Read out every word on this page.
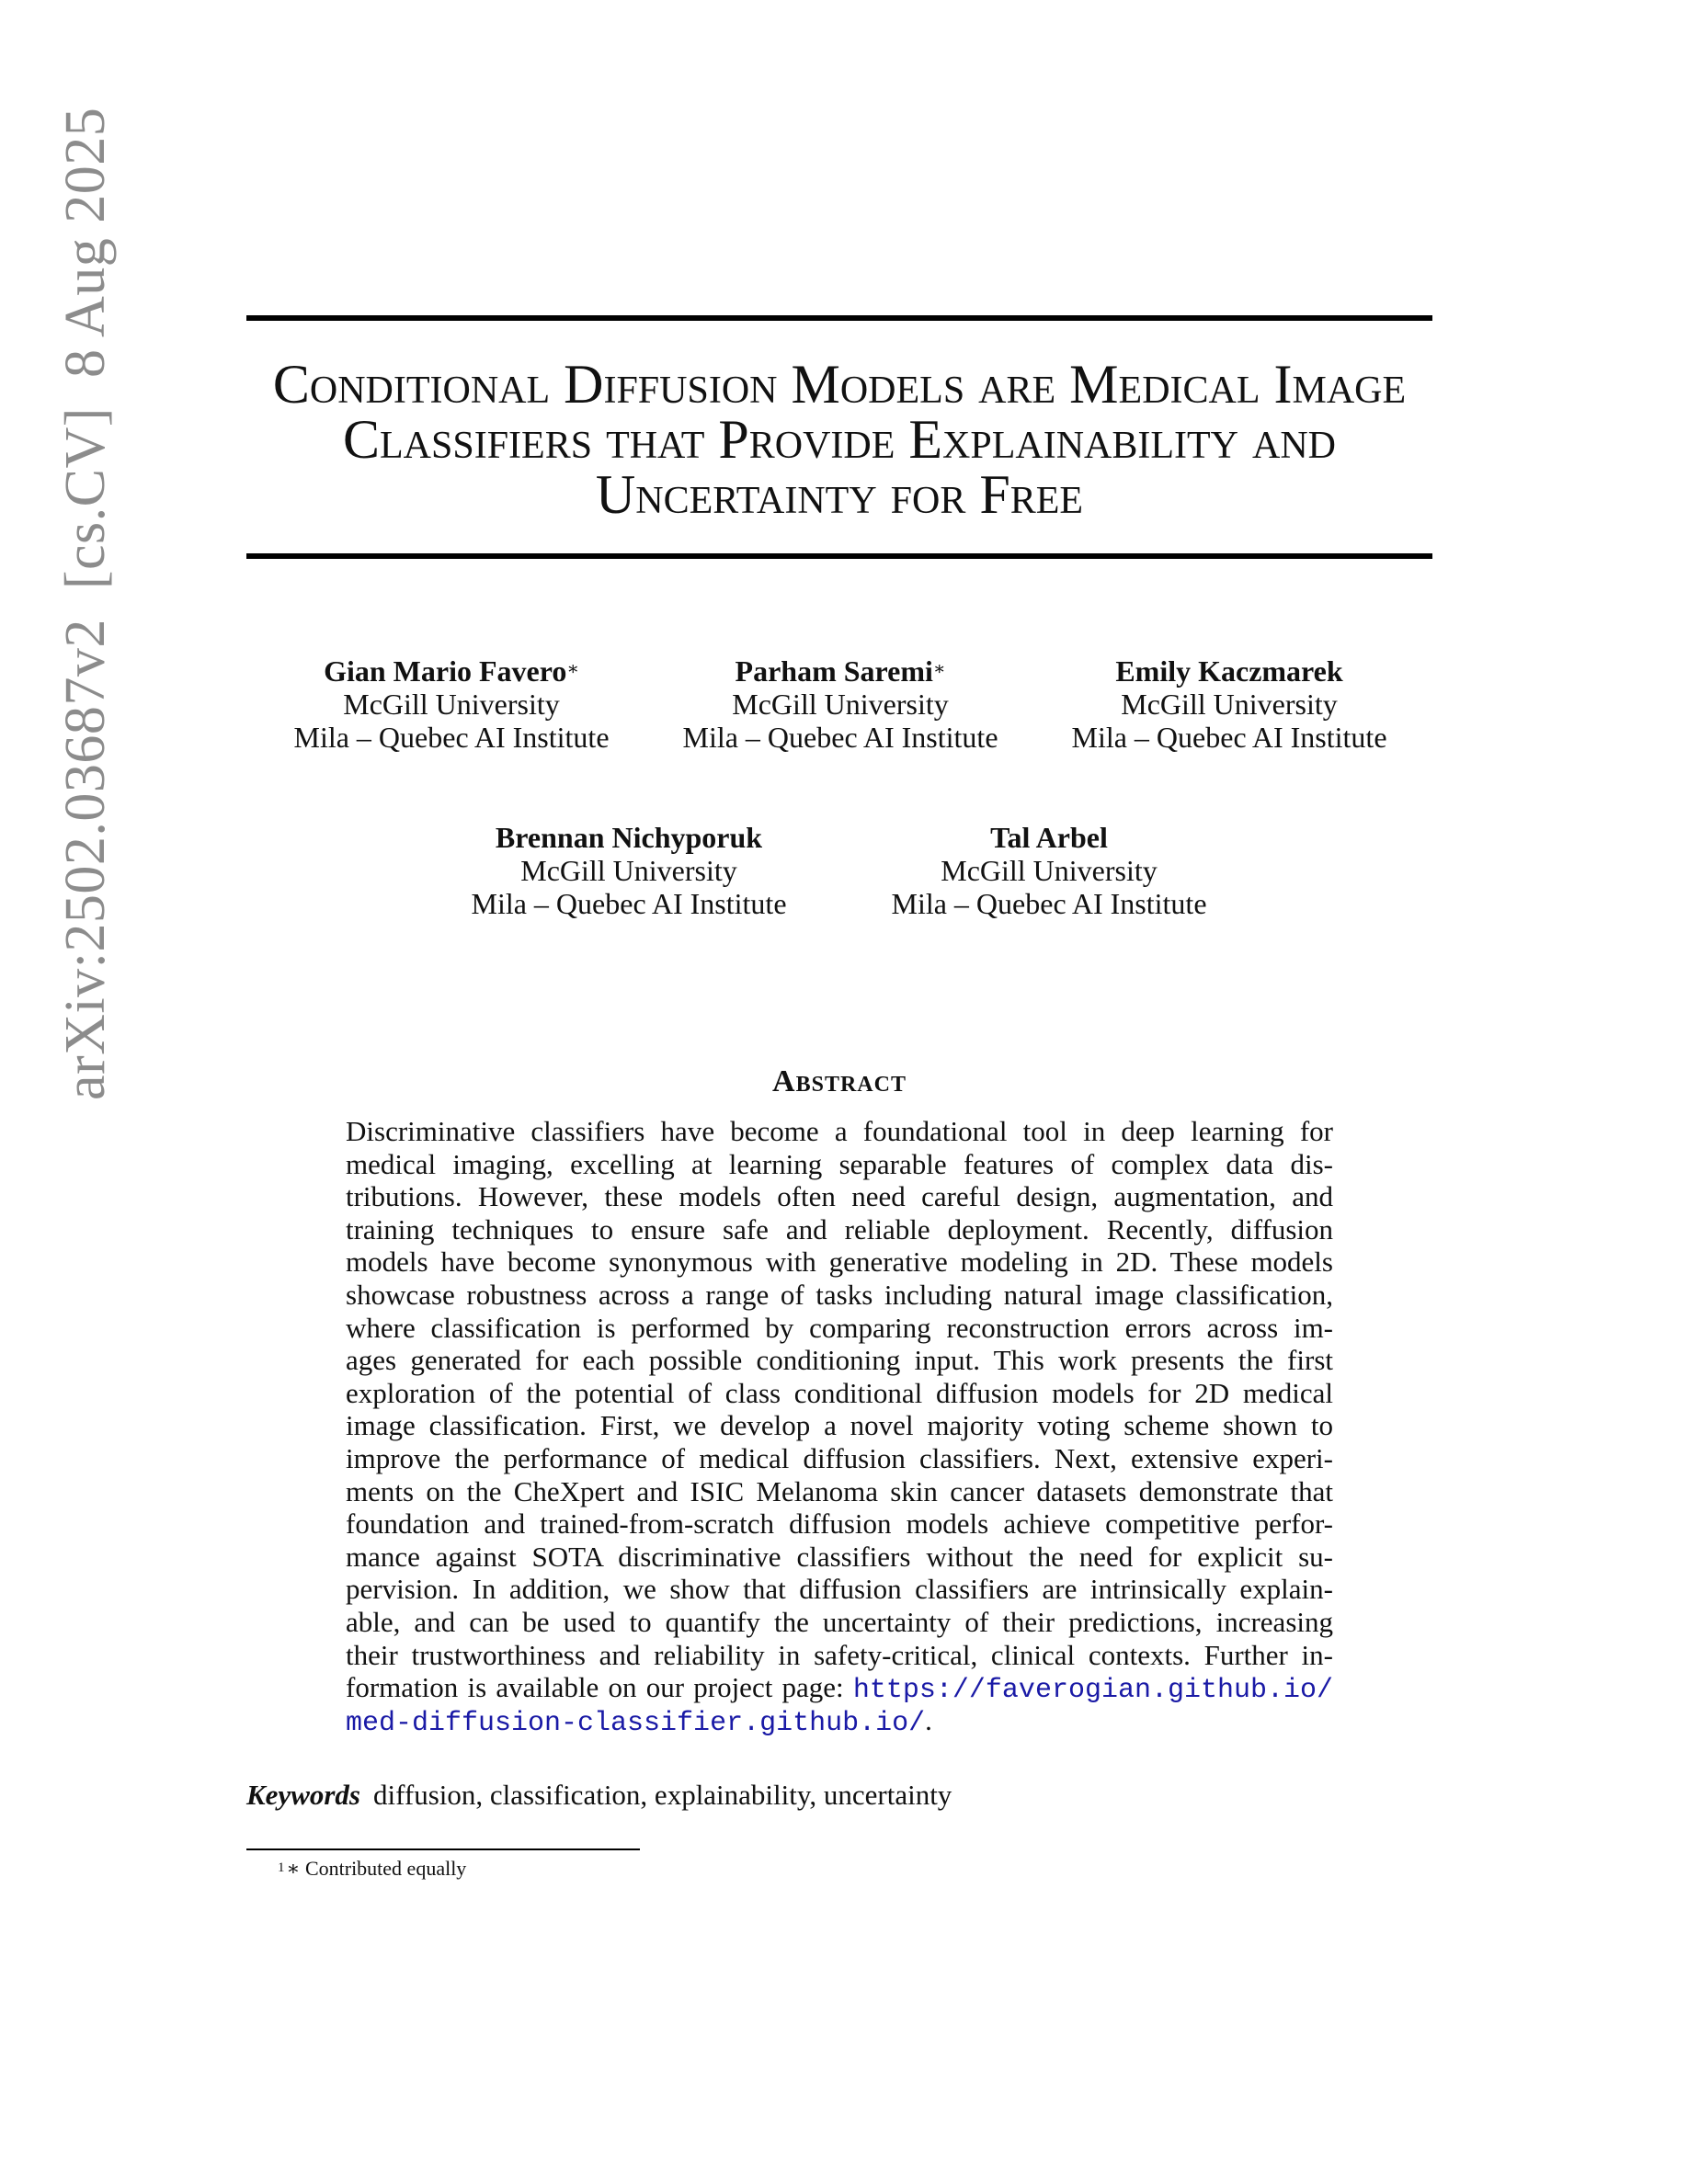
arXiv:2502.03687v2  [cs.CV]  8 Aug 2025	Conditional Diffusion Models are Medical Image
Classifiers that Provide Explainability and
Uncertainty for Free
Gian Mario Favero∗
McGill University
Mila – Quebec AI Institute
Parham Saremi∗
McGill University
Mila – Quebec AI Institute
Emily Kaczmarek
McGill University
Mila – Quebec AI Institute
Brennan Nichyporuk
McGill University
Mila – Quebec AI Institute
Tal Arbel
McGill University
Mila – Quebec AI Institute
Abstract
Discriminative classifiers have become a foundational tool in deep learning for
medical imaging, excelling at learning separable features of complex data dis-
tributions. However, these models often need careful design, augmentation, and
training techniques to ensure safe and reliable deployment. Recently, diffusion
models have become synonymous with generative modeling in 2D. These models
showcase robustness across a range of tasks including natural image classification,
where classification is performed by comparing reconstruction errors across im-
ages generated for each possible conditioning input. This work presents the first
exploration of the potential of class conditional diffusion models for 2D medical
image classification. First, we develop a novel majority voting scheme shown to
improve the performance of medical diffusion classifiers. Next, extensive experi-
ments on the CheXpert and ISIC Melanoma skin cancer datasets demonstrate that
foundation and trained-from-scratch diffusion models achieve competitive perfor-
mance against SOTA discriminative classifiers without the need for explicit su-
pervision. In addition, we show that diffusion classifiers are intrinsically explain-
able, and can be used to quantify the uncertainty of their predictions, increasing
their trustworthiness and reliability in safety-critical, clinical contexts. Further in-
formation is available on our project page: https://faverogian.github.io/
med-diffusion-classifier.github.io/.
Keywords diffusion, classification, explainability, uncertainty
$^1$∗ Contributed equally
